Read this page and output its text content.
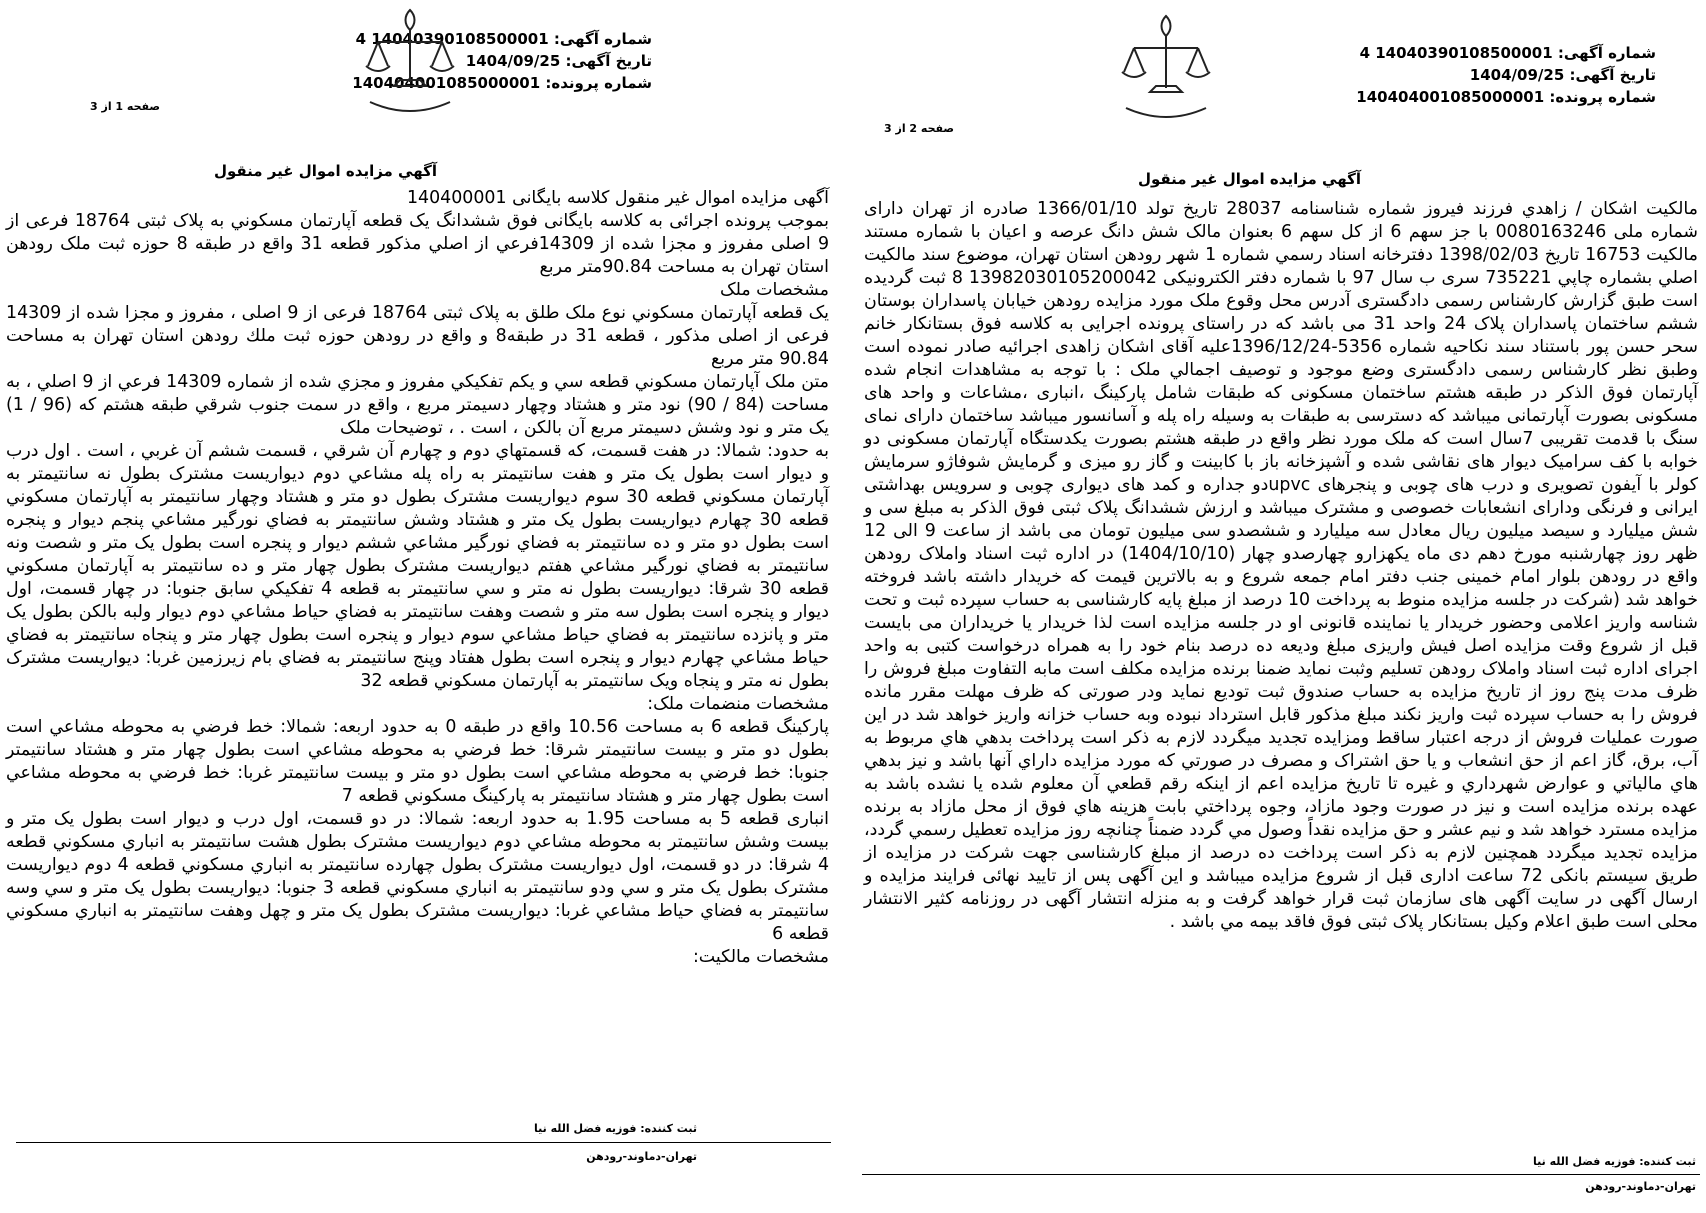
شماره آگهی: 14040390108500001 4
تاریخ آگهی: 1404/09/25
شماره پرونده: 140404001085000001
صفحه 2 از 3
آگهي مزايده اموال غير منقول
مالکيت اشکان / زاهدي فرزند فيروز شماره شناسنامه 28037 تاريخ تولد 1366/01/10 صادره از تهران دارای شماره ملی 0080163246 با جز سهم 6 از کل سهم 6 بعنوان مالک شش دانگ عرصه و اعيان با شماره مستند مالکيت 16753 تاريخ 1398/02/03 دفترخانه اسناد رسمي شماره 1 شهر رودهن استان تهران، موضوع سند مالکيت اصلي بشماره چاپي 735221 سری ب سال 97 با شماره دفتر الکترونيکی 13982030105200042 8 ثبت گرديده است طبق گزارش کارشناس رسمی دادگستری آدرس محل وقوع ملک مورد مزايده رودهن خيابان پاسداران بوستان ششم ساختمان پاسداران پلاک 24 واحد 31 می باشد که در راستای پرونده اجرايی به کلاسه فوق بستانکار خانم سحر حسن پور باستناد سند نکاحيه شماره 5356-1396/12/24عليه آقای اشکان زاهدی اجرائيه صادر نموده است وطبق نظر کارشناس رسمی دادگستری وضع موجود و توصيف اجمالي ملک : با توجه به مشاهدات انجام شده آپارتمان فوق الذکر در طبقه هشتم ساختمان مسکونی که طبقات شامل پارکينگ ،انباری ،مشاعات و واحد های مسکونی بصورت آپارتمانی ميباشد که دسترسی به طبقات به وسيله راه پله و آسانسور ميباشد ساختمان دارای نمای سنگ با قدمت تقريبی 7سال است که ملک مورد نظر واقع در طبقه هشتم بصورت يکدستگاه آپارتمان مسکونی دو خوابه با کف سراميک ديوار های نقاشی شده و آشپزخانه باز با کابينت و گاز رو ميزی و گرمايش شوفاژو سرمايش کولر با آيفون تصويری و درب های چوبی و پنجرهای upvcدو جداره و کمد های ديواری چوبی و سرويس بهداشتی ايرانی و فرنگی ودارای انشعابات خصوصی و مشترک ميباشد و ارزش ششدانگ پلاک ثبتی فوق الذکر به مبلغ سی و شش ميليارد و سيصد ميليون ريال معادل سه ميليارد و ششصدو سی ميليون تومان می باشد از ساعت 9 الی 12 ظهر روز چهارشنبه مورخ دهم دی ماه يکهزارو چهارصدو چهار (1404/10/10) در اداره ثبت اسناد واملاک رودهن واقع در رودهن بلوار امام خمينی جنب دفتر امام جمعه شروع و به بالاترين قيمت که خريدار داشته باشد فروخته خواهد شد (شرکت در جلسه مزايده منوط به پرداخت 10 درصد از مبلغ پايه کارشناسی به حساب سپرده ثبت و تحت شناسه واريز اعلامی وحضور خريدار يا نماينده قانونی او در جلسه مزايده است لذا خريدار يا خريداران می بايست قبل از شروع وقت مزايده اصل فيش واريزی مبلغ وديعه ده درصد بنام خود را به همراه درخواست کتبی به واحد اجرای اداره ثبت اسناد واملاک رودهن تسليم وثبت نمايد ضمنا برنده مزايده مکلف است مابه التفاوت مبلغ فروش را ظرف مدت پنج روز از تاريخ مزايده به حساب صندوق ثبت توديع نمايد ودر صورتی که ظرف مهلت مقرر مانده فروش را به حساب سپرده ثبت واريز نکند مبلغ مذکور قابل استرداد نبوده وبه حساب خزانه واريز خواهد شد در اين صورت عمليات فروش از درجه اعتبار ساقط ومزايده تجديد ميگردد لازم به ذکر است پرداخت بدهي هاي مربوط به آب، برق، گاز اعم از حق انشعاب و يا حق اشتراک و مصرف در صورتي که مورد مزايده داراي آنها باشد و نيز بدهي هاي مالياتي و عوارض شهرداري و غيره تا تاريخ مزايده اعم از اينکه رقم قطعي آن معلوم شده يا نشده باشد به عهده برنده مزايده است و نيز در صورت وجود مازاد، وجوه پرداختي بابت هزينه هاي فوق از محل مازاد به برنده مزايده مسترد خواهد شد و نيم عشر و حق مزايده نقداً وصول مي گردد ضمناً چنانچه روز مزايده تعطيل رسمي گردد، مزايده تجديد ميگردد همچنين لازم به ذکر است پرداخت ده درصد از مبلغ کارشناسی جهت شرکت در مزايده از طريق سيستم بانکی 72 ساعت اداری قبل از شروع مزايده ميباشد و اين آگهی پس از تاييد نهائی فرايند مزايده و ارسال آگهی در سايت آگهی های سازمان ثبت قرار خواهد گرفت و به منزله انتشار آگهی در روزنامه کثير الانتشار محلی است طبق اعلام وکيل بستانکار پلاک ثبتی فوق فاقد بيمه مي باشد .
ثبت کننده: فوزيه فضل الله نيا
تهران-دماوند-رودهن
شماره آگهی: 14040390108500001 4
تاریخ آگهی: 1404/09/25
شماره پرونده: 140404001085000001
صفحه 1 از 3
آگهي مزايده اموال غير منقول
آگهی مزايده اموال غير منقول کلاسه بايگانی 140400001
بموجب پرونده اجرائی به کلاسه بايگانی فوق ششدانگ يک قطعه آپارتمان مسکوني به پلاک ثبتی 18764 فرعی از 9 اصلی مفروز و مجزا شده از 14309فرعي از اصلي مذکور قطعه 31 واقع در طبقه 8 حوزه ثبت ملک رودهن استان تهران به مساحت 90.84متر مربع
مشخصات ملک
يک قطعه آپارتمان مسکوني نوع ملک طلق به پلاک ثبتی 18764 فرعی از 9 اصلی ، مفروز و مجزا شده از 14309 فرعی از اصلی مذکور ، قطعه 31 در طبقه8 و واقع در رودهن حوزه ثبت ملك رودهن استان تهران به مساحت 90.84 متر مربع
متن ملک آپارتمان مسكوني قطعه سي و يکم تفكيكي مفروز و مجزي شده از شماره 14309 فرعي از 9 اصلي ، به مساحت (84 / 90) نود متر و هشتاد وچهار دسيمتر مربع ، واقع در سمت جنوب شرقي طبقه هشتم كه (96 / 1) يک متر و نود وشش دسيمتر مربع آن بالكن ، است . ، توضيحات ملک
به حدود: شمالا: در هفت قسمت، كه قسمتهاي دوم و چهارم آن شرقي ، قسمت ششم آن غربي ، است . اول درب و ديوار است بطول يک متر و هفت سانتيمتر به راه پله مشاعي دوم ديواريست مشترک بطول نه سانتيمتر به آپارتمان مسكوني قطعه 30 سوم ديواريست مشترک بطول دو متر و هشتاد وچهار سانتيمتر به آپارتمان مسكوني قطعه 30 چهارم ديواريست بطول يک متر و هشتاد وشش سانتيمتر به فضاي نورگير مشاعي پنجم ديوار و پنجره است بطول دو متر و ده سانتيمتر به فضاي نورگير مشاعي ششم ديوار و پنجره است بطول يک متر و شصت ونه سانتيمتر به فضاي نورگير مشاعي هفتم ديواريست مشترک بطول چهار متر و ده سانتيمتر به آپارتمان مسكوني قطعه 30 شرقا: ديواريست بطول نه متر و سي سانتيمتر به قطعه 4 تفكيكي سابق جنوبا: در چهار قسمت، اول ديوار و پنجره است بطول سه متر و شصت وهفت سانتيمتر به فضاي حياط مشاعي دوم ديوار ولبه بالكن بطول يک متر و پانزده سانتيمتر به فضاي حياط مشاعي سوم ديوار و پنجره است بطول چهار متر و پنجاه سانتيمتر به فضاي حياط مشاعي چهارم ديوار و پنجره است بطول هفتاد وپنج سانتيمتر به فضاي بام زيرزمين غربا: ديواريست مشترک بطول نه متر و پنجاه ويک سانتيمتر به آپارتمان مسكوني قطعه 32
مشخصات منضمات ملک:
پارکينگ قطعه 6 به مساحت 10.56 واقع در طبقه 0 به حدود اربعه: شمالا: خط فرضي به محوطه مشاعي است بطول دو متر و بيست سانتيمتر شرقا: خط فرضي به محوطه مشاعي است بطول چهار متر و هشتاد سانتيمتر جنوبا: خط فرضي به محوطه مشاعي است بطول دو متر و بيست سانتيمتر غربا: خط فرضي به محوطه مشاعي است بطول چهار متر و هشتاد سانتيمتر به پارکينگ مسكوني قطعه 7
انباری قطعه 5 به مساحت 1.95 به حدود اربعه: شمالا: در دو قسمت، اول درب و ديوار است بطول يک متر و بيست وشش سانتيمتر به محوطه مشاعي دوم ديواريست مشترک بطول هشت سانتيمتر به انباري مسكوني قطعه 4 شرقا: در دو قسمت، اول ديواريست مشترک بطول چهارده سانتيمتر به انباري مسكوني قطعه 4 دوم ديواريست مشترک بطول يک متر و سي ودو سانتيمتر به انباري مسكوني قطعه 3 جنوبا: ديواريست بطول يک متر و سي وسه سانتيمتر به فضاي حياط مشاعي غربا: ديواريست مشترک بطول يک متر و چهل وهفت سانتيمتر به انباري مسكوني قطعه 6
مشخصات مالکيت:
ثبت کننده: فوزيه فضل الله نيا
تهران-دماوند-رودهن
